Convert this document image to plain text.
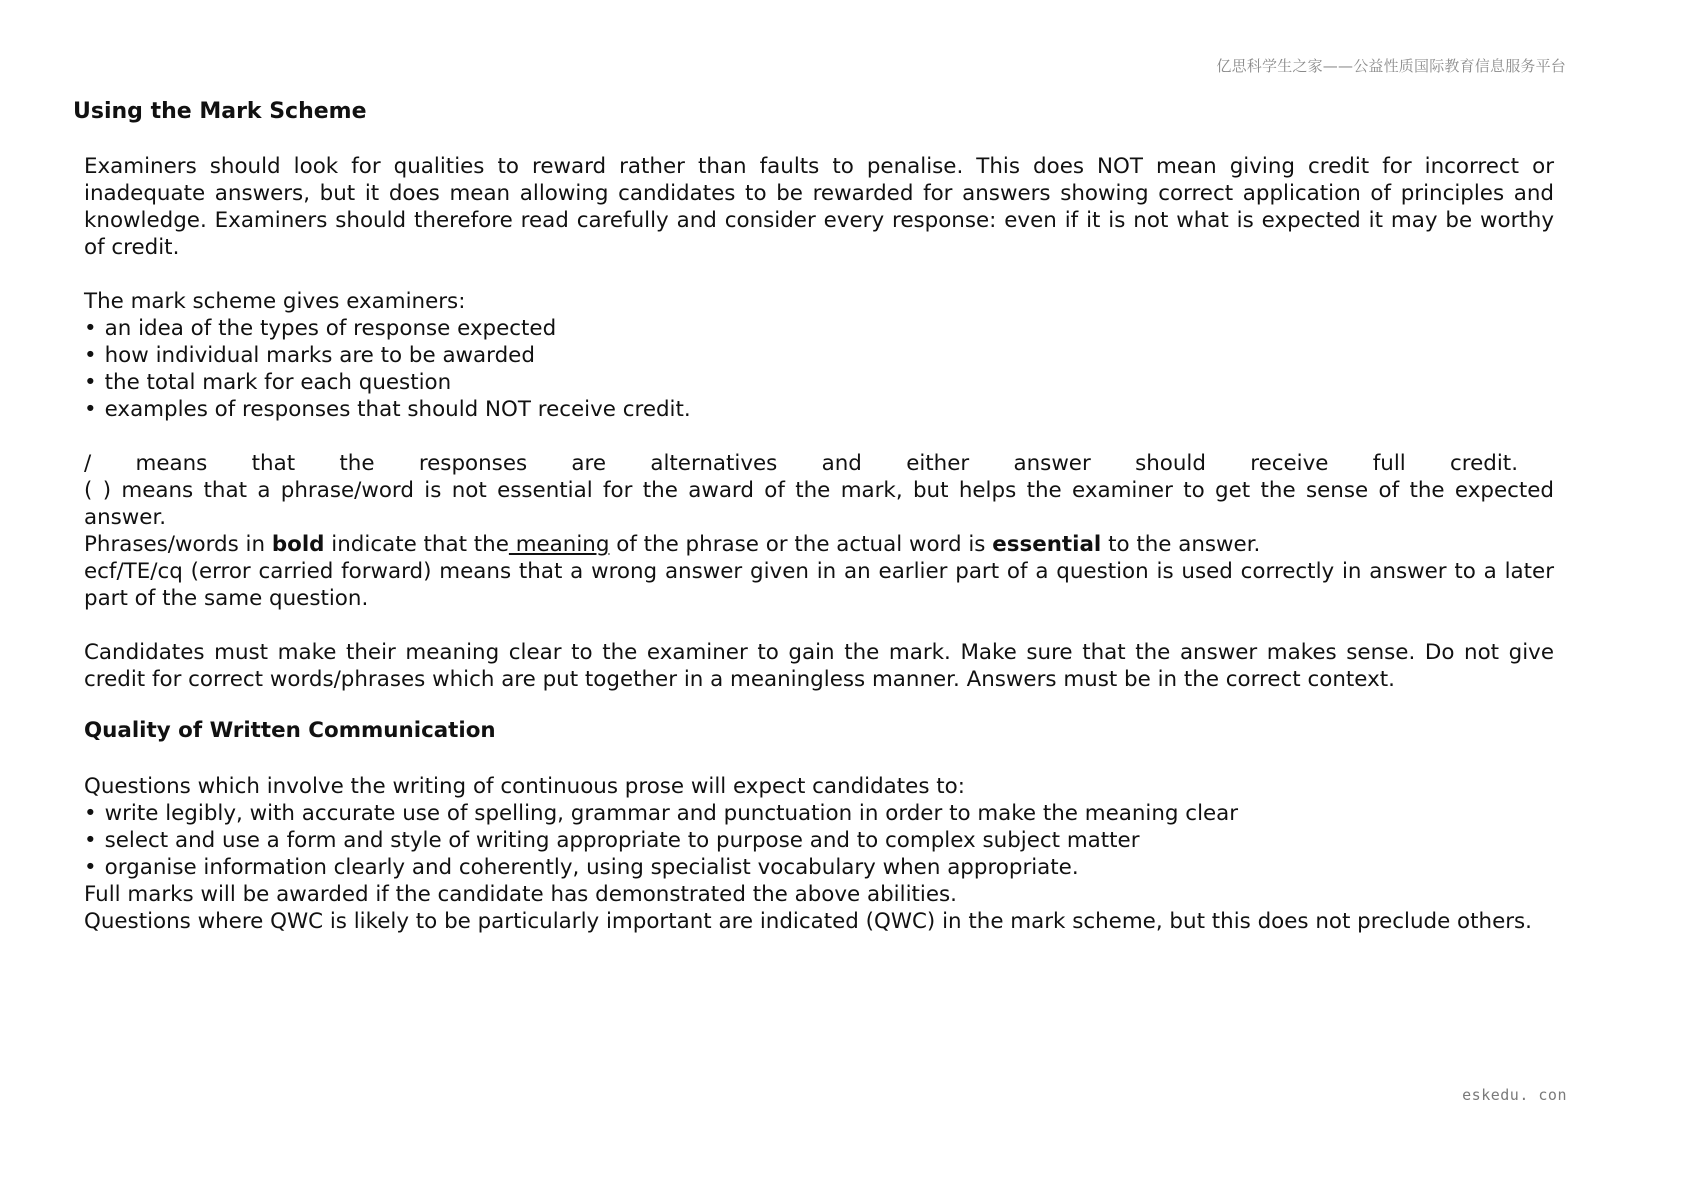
亿思科学生之家——公益性质国际教育信息服务平台
Using the Mark Scheme

Examiners should look for qualities to reward rather than faults to penalise. This does NOT mean giving credit for incorrect or inadequate answers, but it does mean allowing candidates to be rewarded for answers showing correct application of principles and knowledge. Examiners should therefore read carefully and consider every response: even if it is not what is expected it may be worthy of credit.

The mark scheme gives examiners:

• an idea of the types of response expected
• how individual marks are to be awarded
• the total mark for each question
• examples of responses that should NOT receive credit.

/ means that the responses are alternatives and either answer should receive full credit.

( ) means that a phrase/word is not essential for the award of the mark, but helps the examiner to get the sense of the expected answer.

Phrases/words in bold indicate that the meaning of the phrase or the actual word is essential to the answer.

ecf/TE/cq (error carried forward) means that a wrong answer given in an earlier part of a question is used correctly in answer to a later part of the same question.

Candidates must make their meaning clear to the examiner to gain the mark. Make sure that the answer makes sense. Do not give credit for correct words/phrases which are put together in a meaningless manner. Answers must be in the correct context.

Quality of Written Communication

Questions which involve the writing of continuous prose will expect candidates to:

• write legibly, with accurate use of spelling, grammar and punctuation in order to make the meaning clear
• select and use a form and style of writing appropriate to purpose and to complex subject matter
• organise information clearly and coherently, using specialist vocabulary when appropriate.

Full marks will be awarded if the candidate has demonstrated the above abilities.

Questions where QWC is likely to be particularly important are indicated (QWC) in the mark scheme, but this does not preclude others.

eskedu. con
